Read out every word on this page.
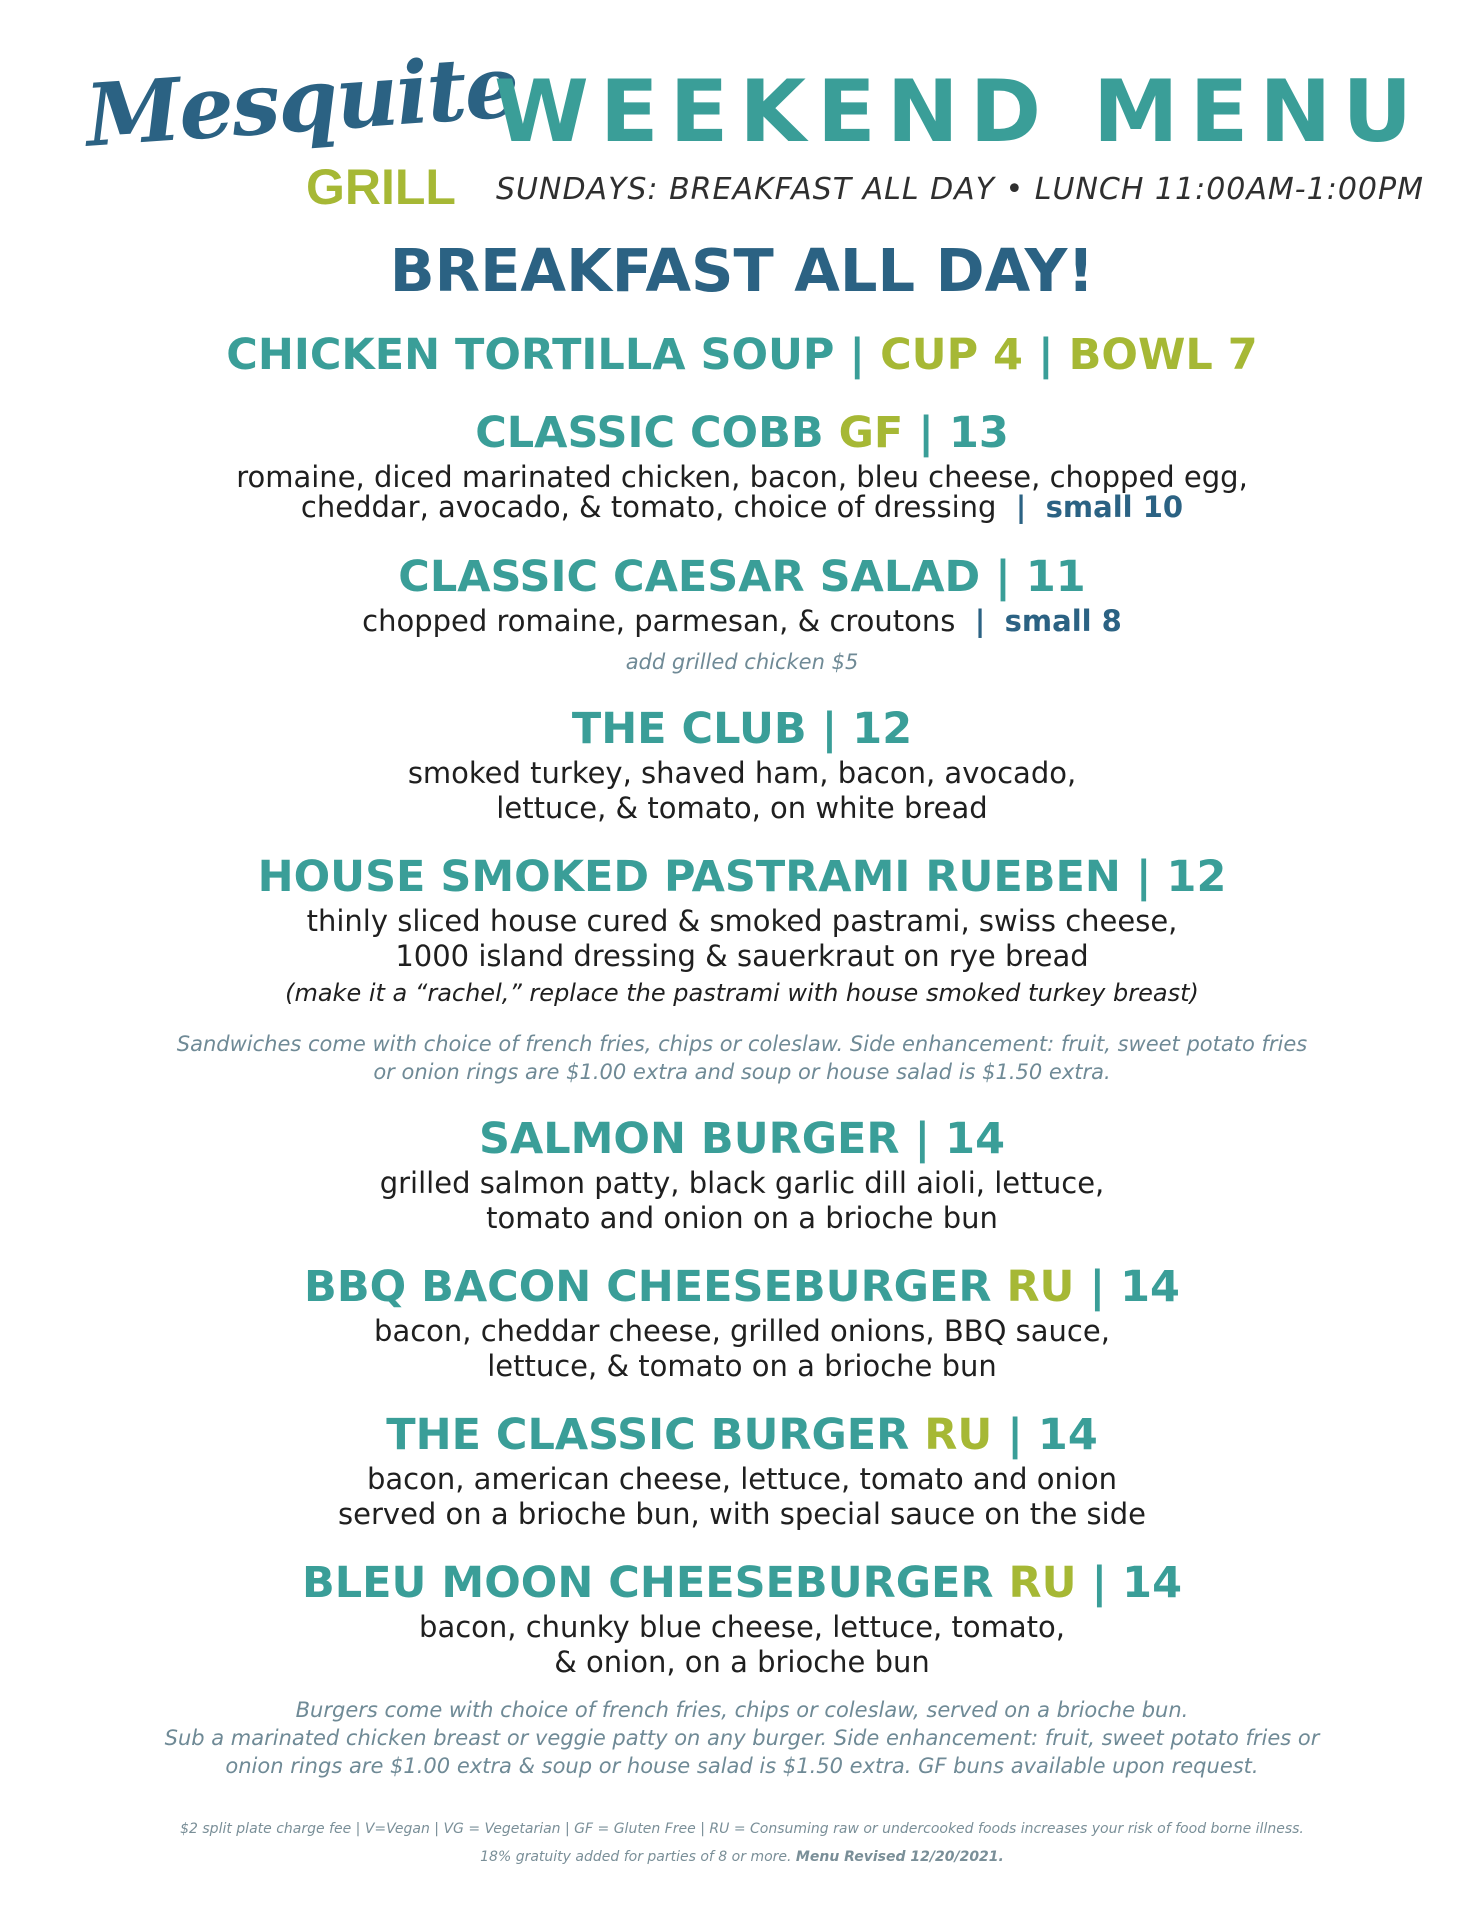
Mesquite
GRILL
WEEKEND MENU
SUNDAYS: BREAKFAST ALL DAY • LUNCH 11:00AM-1:00PM
BREAKFAST ALL DAY!
CHICKEN TORTILLA SOUP | CUP 4 | BOWL 7
CLASSIC COBB GF | 13
romaine, diced marinated chicken, bacon, bleu cheese, chopped egg,
cheddar, avocado, & tomato, choice of dressing  |  small 10
CLASSIC CAESAR SALAD | 11
chopped romaine, parmesan, & croutons  |  small 8
add grilled chicken $5
THE CLUB | 12
smoked turkey, shaved ham, bacon, avocado,
lettuce, & tomato, on white bread
HOUSE SMOKED PASTRAMI RUEBEN | 12
thinly sliced house cured & smoked pastrami, swiss cheese,
1000 island dressing & sauerkraut on rye bread
(make it a “rachel,” replace the pastrami with house smoked turkey breast)
Sandwiches come with choice of french fries, chips or coleslaw. Side enhancement: fruit, sweet potato fries
or onion rings are $1.00 extra and soup or house salad is $1.50 extra.
SALMON BURGER | 14
grilled salmon patty, black garlic dill aioli, lettuce,
tomato and onion on a brioche bun
BBQ BACON CHEESEBURGER RU | 14
bacon, cheddar cheese, grilled onions, BBQ sauce,
lettuce, & tomato on a brioche bun
THE CLASSIC BURGER RU | 14
bacon, american cheese, lettuce, tomato and onion
served on a brioche bun, with special sauce on the side
BLEU MOON CHEESEBURGER RU | 14
bacon, chunky blue cheese, lettuce, tomato,
& onion, on a brioche bun
Burgers come with choice of french fries, chips or coleslaw, served on a brioche bun.
Sub a marinated chicken breast or veggie patty on any burger. Side enhancement: fruit, sweet potato fries or
onion rings are $1.00 extra & soup or house salad is $1.50 extra. GF buns available upon request.
$2 split plate charge fee | V=Vegan | VG = Vegetarian | GF = Gluten Free | RU = Consuming raw or undercooked foods increases your risk of food borne illness.
18% gratuity added for parties of 8 or more. Menu Revised 12/20/2021.
